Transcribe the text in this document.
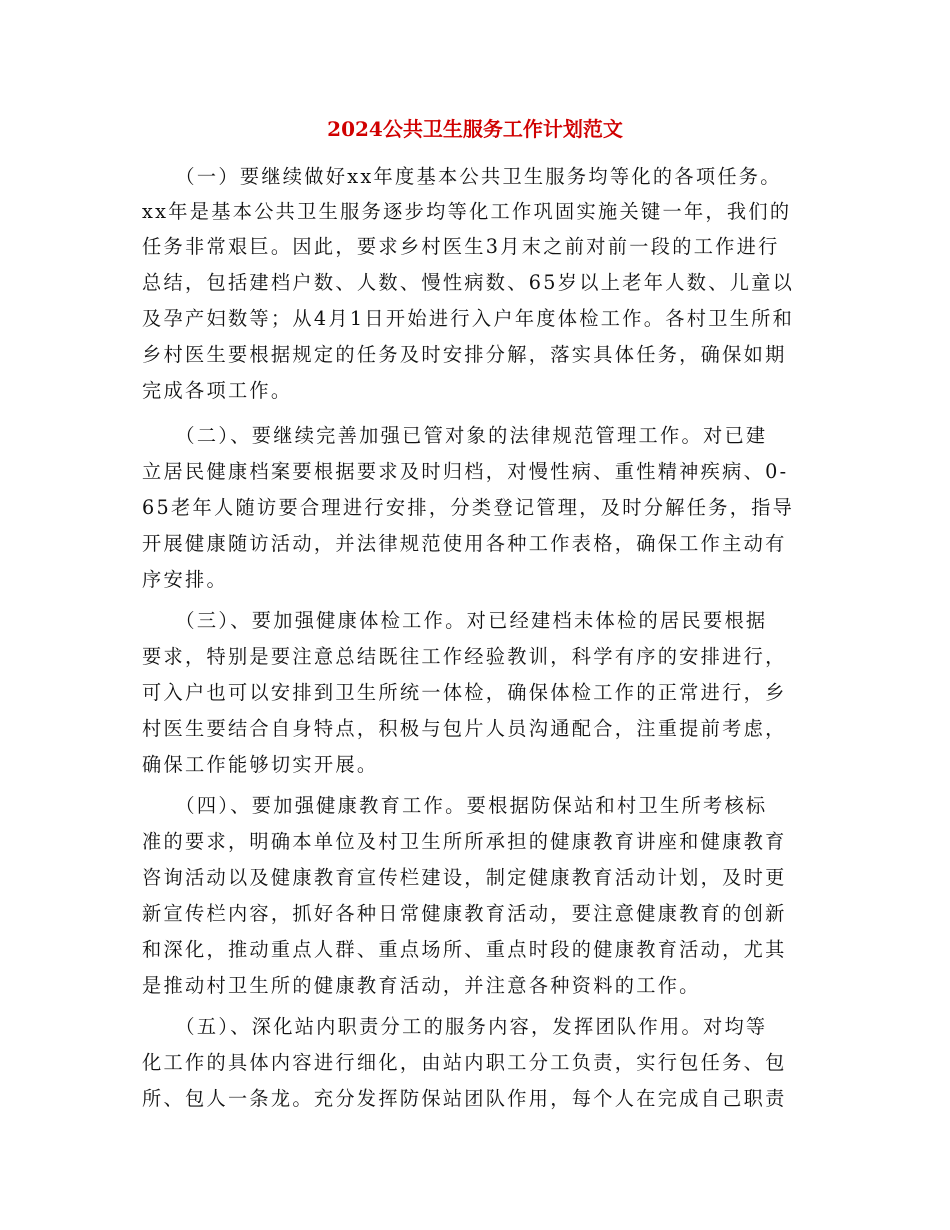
2024公共卫生服务工作计划范文
　　（一）要继续做好xx年度基本公共卫生服务均等化的各项任务。
xx年是基本公共卫生服务逐步均等化工作巩固实施关键一年，我们的
任务非常艰巨。因此，要求乡村医生3月末之前对前一段的工作进行
总结，包括建档户数、人数、慢性病数、65岁以上老年人数、儿童以
及孕产妇数等；从4月1日开始进行入户年度体检工作。各村卫生所和
乡村医生要根据规定的任务及时安排分解，落实具体任务，确保如期
完成各项工作。
　　（二）、要继续完善加强已管对象的法律规范管理工作。对已建
立居民健康档案要根据要求及时归档，对慢性病、重性精神疾病、0-
65老年人随访要合理进行安排，分类登记管理，及时分解任务，指导
开展健康随访活动，并法律规范使用各种工作表格，确保工作主动有
序安排。
　　（三）、要加强健康体检工作。对已经建档未体检的居民要根据
要求，特别是要注意总结既往工作经验教训，科学有序的安排进行，
可入户也可以安排到卫生所统一体检，确保体检工作的正常进行，乡
村医生要结合自身特点，积极与包片人员沟通配合，注重提前考虑，
确保工作能够切实开展。
　　（四）、要加强健康教育工作。要根据防保站和村卫生所考核标
准的要求，明确本单位及村卫生所所承担的健康教育讲座和健康教育
咨询活动以及健康教育宣传栏建设，制定健康教育活动计划，及时更
新宣传栏内容，抓好各种日常健康教育活动，要注意健康教育的创新
和深化，推动重点人群、重点场所、重点时段的健康教育活动，尤其
是推动村卫生所的健康教育活动，并注意各种资料的工作。
　　（五）、深化站内职责分工的服务内容，发挥团队作用。对均等
化工作的具体内容进行细化，由站内职工分工负责，实行包任务、包
所、包人一条龙。充分发挥防保站团队作用，每个人在完成自己职责
